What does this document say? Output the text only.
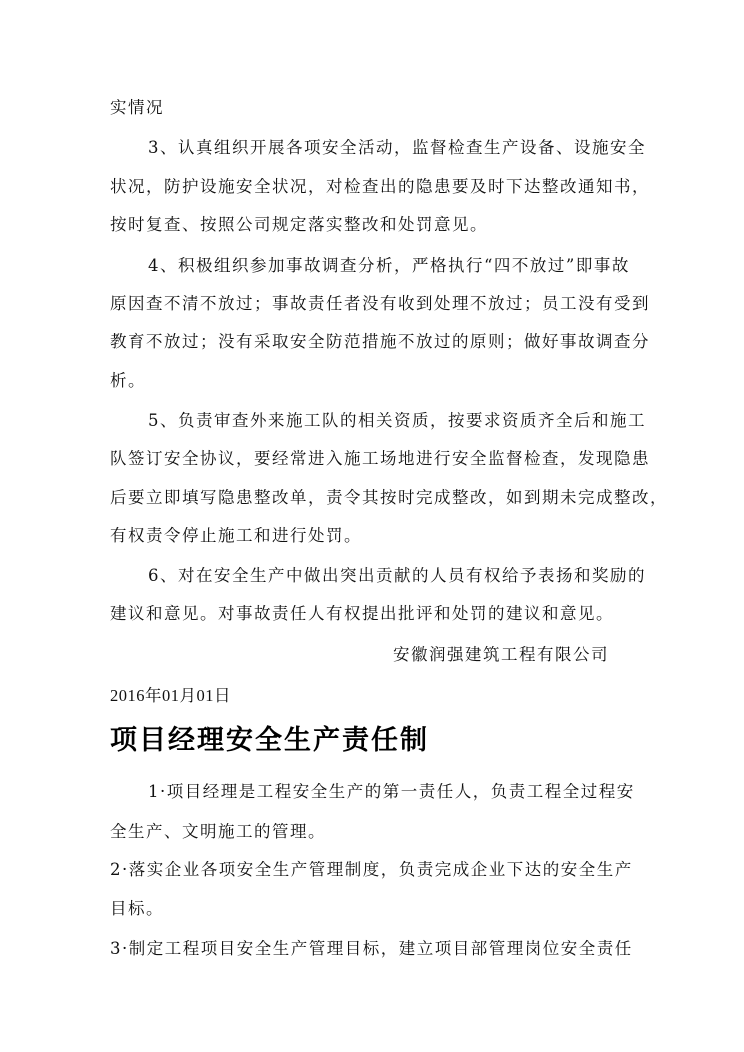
实情况
3、认真组织开展各项安全活动，监督检查生产设备、设施安全
状况，防护设施安全状况，对检查出的隐患要及时下达整改通知书，
按时复查、按照公司规定落实整改和处罚意见。
4、积极组织参加事故调查分析，严格执行“四不放过”即事故
原因查不清不放过；事故责任者没有收到处理不放过；员工没有受到
教育不放过；没有采取安全防范措施不放过的原则；做好事故调查分
析。
5、负责审查外来施工队的相关资质，按要求资质齐全后和施工
队签订安全协议，要经常进入施工场地进行安全监督检查，发现隐患
后要立即填写隐患整改单，责令其按时完成整改，如到期未完成整改，
有权责令停止施工和进行处罚。
6、对在安全生产中做出突出贡献的人员有权给予表扬和奖励的
建议和意见。对事故责任人有权提出批评和处罚的建议和意见。
安徽润强建筑工程有限公司
2016年01月01日
项目经理安全生产责任制
1·项目经理是工程安全生产的第一责任人，负责工程全过程安
全生产、文明施工的管理。
2·落实企业各项安全生产管理制度，负责完成企业下达的安全生产
目标。
3·制定工程项目安全生产管理目标，建立项目部管理岗位安全责任
